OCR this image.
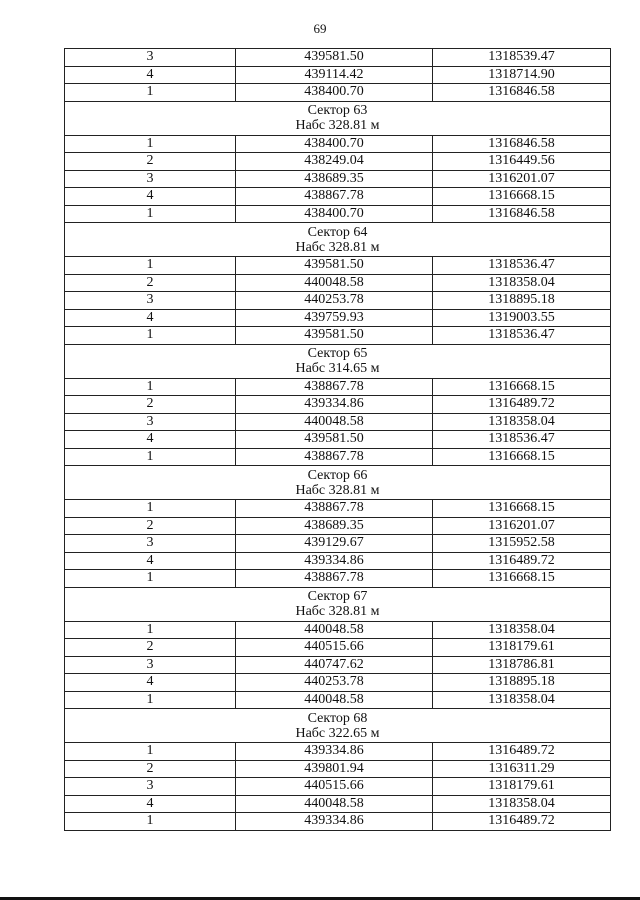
69
3	439581.50	1318539.47
4	439114.42	1318714.90
1	438400.70	1316846.58

Сектор 63
Набс 328.81 м		

1	438400.70	1316846.58
2	438249.04	1316449.56
3	438689.35	1316201.07
4	438867.78	1316668.15
1	438400.70	1316846.58

Сектор 64
Набс 328.81 м		

1	439581.50	1318536.47
2	440048.58	1318358.04
3	440253.78	1318895.18
4	439759.93	1319003.55
1	439581.50	1318536.47

Сектор 65
Набс 314.65 м		

1	438867.78	1316668.15
2	439334.86	1316489.72
3	440048.58	1318358.04
4	439581.50	1318536.47
1	438867.78	1316668.15

Сектор 66
Набс 328.81 м		

1	438867.78	1316668.15
2	438689.35	1316201.07
3	439129.67	1315952.58
4	439334.86	1316489.72
1	438867.78	1316668.15

Сектор 67
Набс 328.81 м		

1	440048.58	1318358.04
2	440515.66	1318179.61
3	440747.62	1318786.81
4	440253.78	1318895.18
1	440048.58	1318358.04

Сектор 68
Набс 322.65 м		

1	439334.86	1316489.72
2	439801.94	1316311.29
3	440515.66	1318179.61
4	440048.58	1318358.04
1	439334.86	1316489.72
